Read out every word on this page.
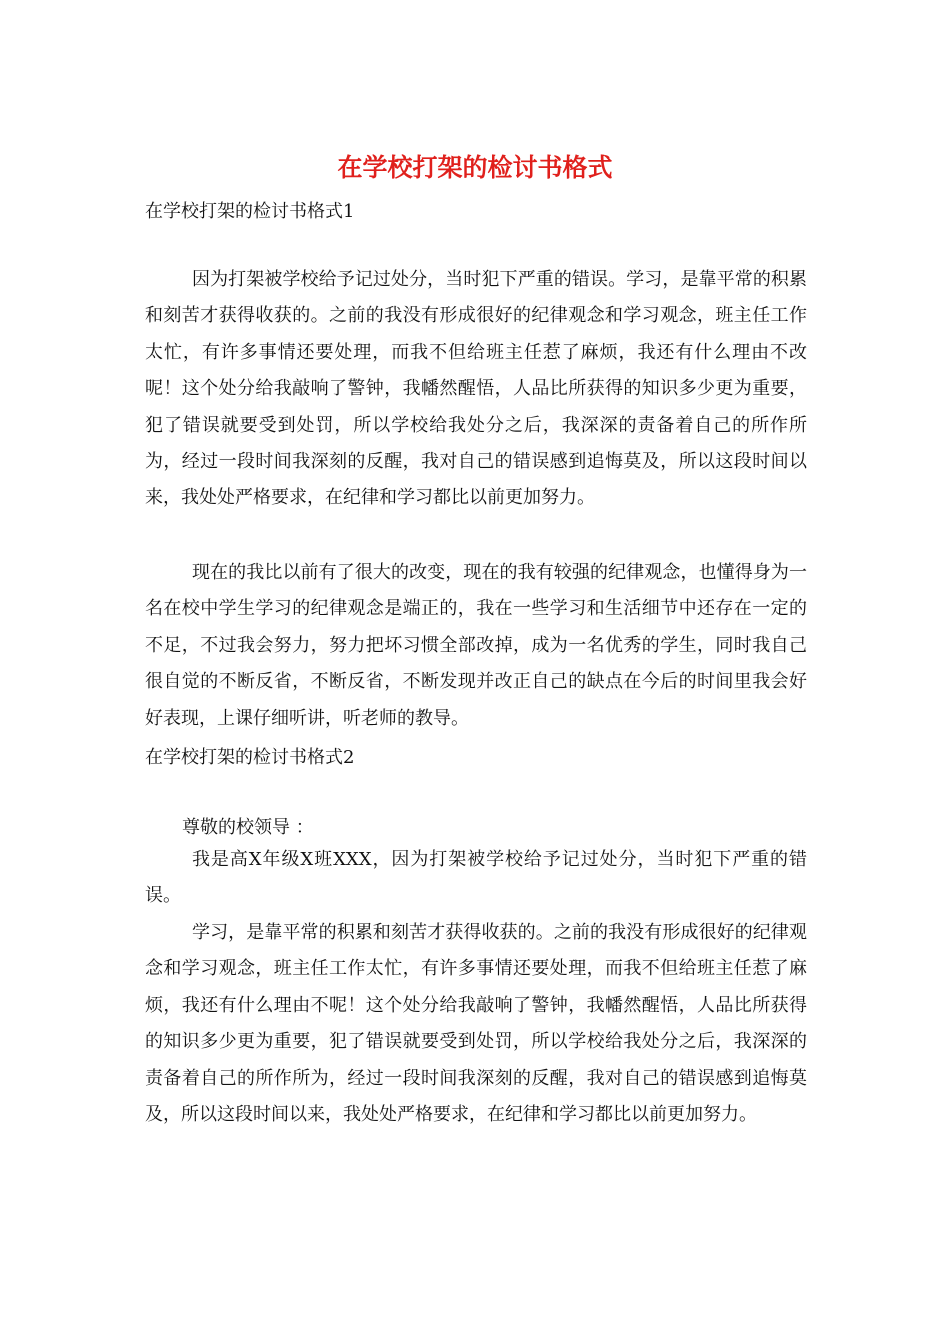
在学校打架的检讨书格式

在学校打架的检讨书格式1

因为打架被学校给予记过处分，当时犯下严重的错误。学习，是靠平常的积累和刻苦才获得收获的。之前的我没有形成很好的纪律观念和学习观念，班主任工作太忙，有许多事情还要处理，而我不但给班主任惹了麻烦，我还有什么理由不改呢！这个处分给我敲响了警钟，我幡然醒悟，人品比所获得的知识多少更为重要，犯了错误就要受到处罚，所以学校给我处分之后，我深深的责备着自己的所作所为，经过一段时间我深刻的反醒，我对自己的错误感到追悔莫及，所以这段时间以来，我处处严格要求，在纪律和学习都比以前更加努力。

现在的我比以前有了很大的改变，现在的我有较强的纪律观念，也懂得身为一名在校中学生学习的纪律观念是端正的，我在一些学习和生活细节中还存在一定的不足，不过我会努力，努力把坏习惯全部改掉，成为一名优秀的学生，同时我自己很自觉的不断反省，不断反省，不断发现并改正自己的缺点在今后的时间里我会好好表现，上课仔细听讲，听老师的教导。

在学校打架的检讨书格式2

尊敬的校领导 ：

我是高X年级X班XXX，因为打架被学校给予记过处分，当时犯下严重的错误。

学习，是靠平常的积累和刻苦才获得收获的。之前的我没有形成很好的纪律观念和学习观念，班主任工作太忙，有许多事情还要处理，而我不但给班主任惹了麻烦，我还有什么理由不呢！这个处分给我敲响了警钟，我幡然醒悟，人品比所获得的知识多少更为重要，犯了错误就要受到处罚，所以学校给我处分之后，我深深的责备着自己的所作所为，经过一段时间我深刻的反醒，我对自己的错误感到追悔莫及，所以这段时间以来，我处处严格要求，在纪律和学习都比以前更加努力。
